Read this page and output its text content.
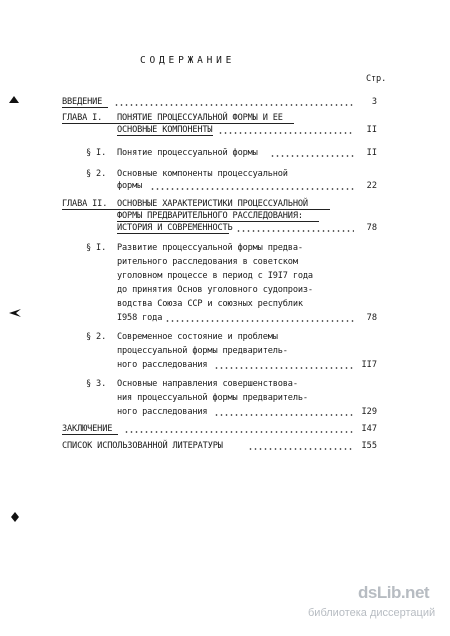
СОДЕРЖАНИЕ
Стр.
ВВЕДЕНИЕ	3
ГЛАВА I. ПОНЯТИЕ ПРОЦЕССУАЛЬНОЙ ФОРМЫ И ЕЕ
ОСНОВНЫЕ КОМПОНЕНТЫ	II
§ I. Понятие процессуальной формы	II
§ 2. Основные компоненты процессуальной
формы	22
ГЛАВА II. ОСНОВНЫЕ ХАРАКТЕРИСТИКИ ПРОЦЕССУАЛЬНОЙ
ФОРМЫ ПРЕДВАРИТЕЛЬНОГО РАССЛЕДОВАНИЯ:
ИСТОРИЯ И СОВРЕМЕННОСТЬ	78
§ I. Развитие процессуальной формы предва-
рительного расследования в советском
уголовном процессе в период с I9I7 года
до принятия Основ уголовного судопроиз-
водства Союза ССР и союзных республик
I958 года	78
§ 2. Современное состояние и проблемы
процессуальной формы предваритель-
ного расследования	II7
§ 3. Основные направления совершенствова-
ния процессуальной формы предваритель-
ного расследования	I29
ЗАКЛЮЧЕНИЕ	I47
СПИСОК ИСПОЛЬЗОВАННОЙ ЛИТЕРАТУРЫ	I55
dsLib.net
библиотека диссертаций
